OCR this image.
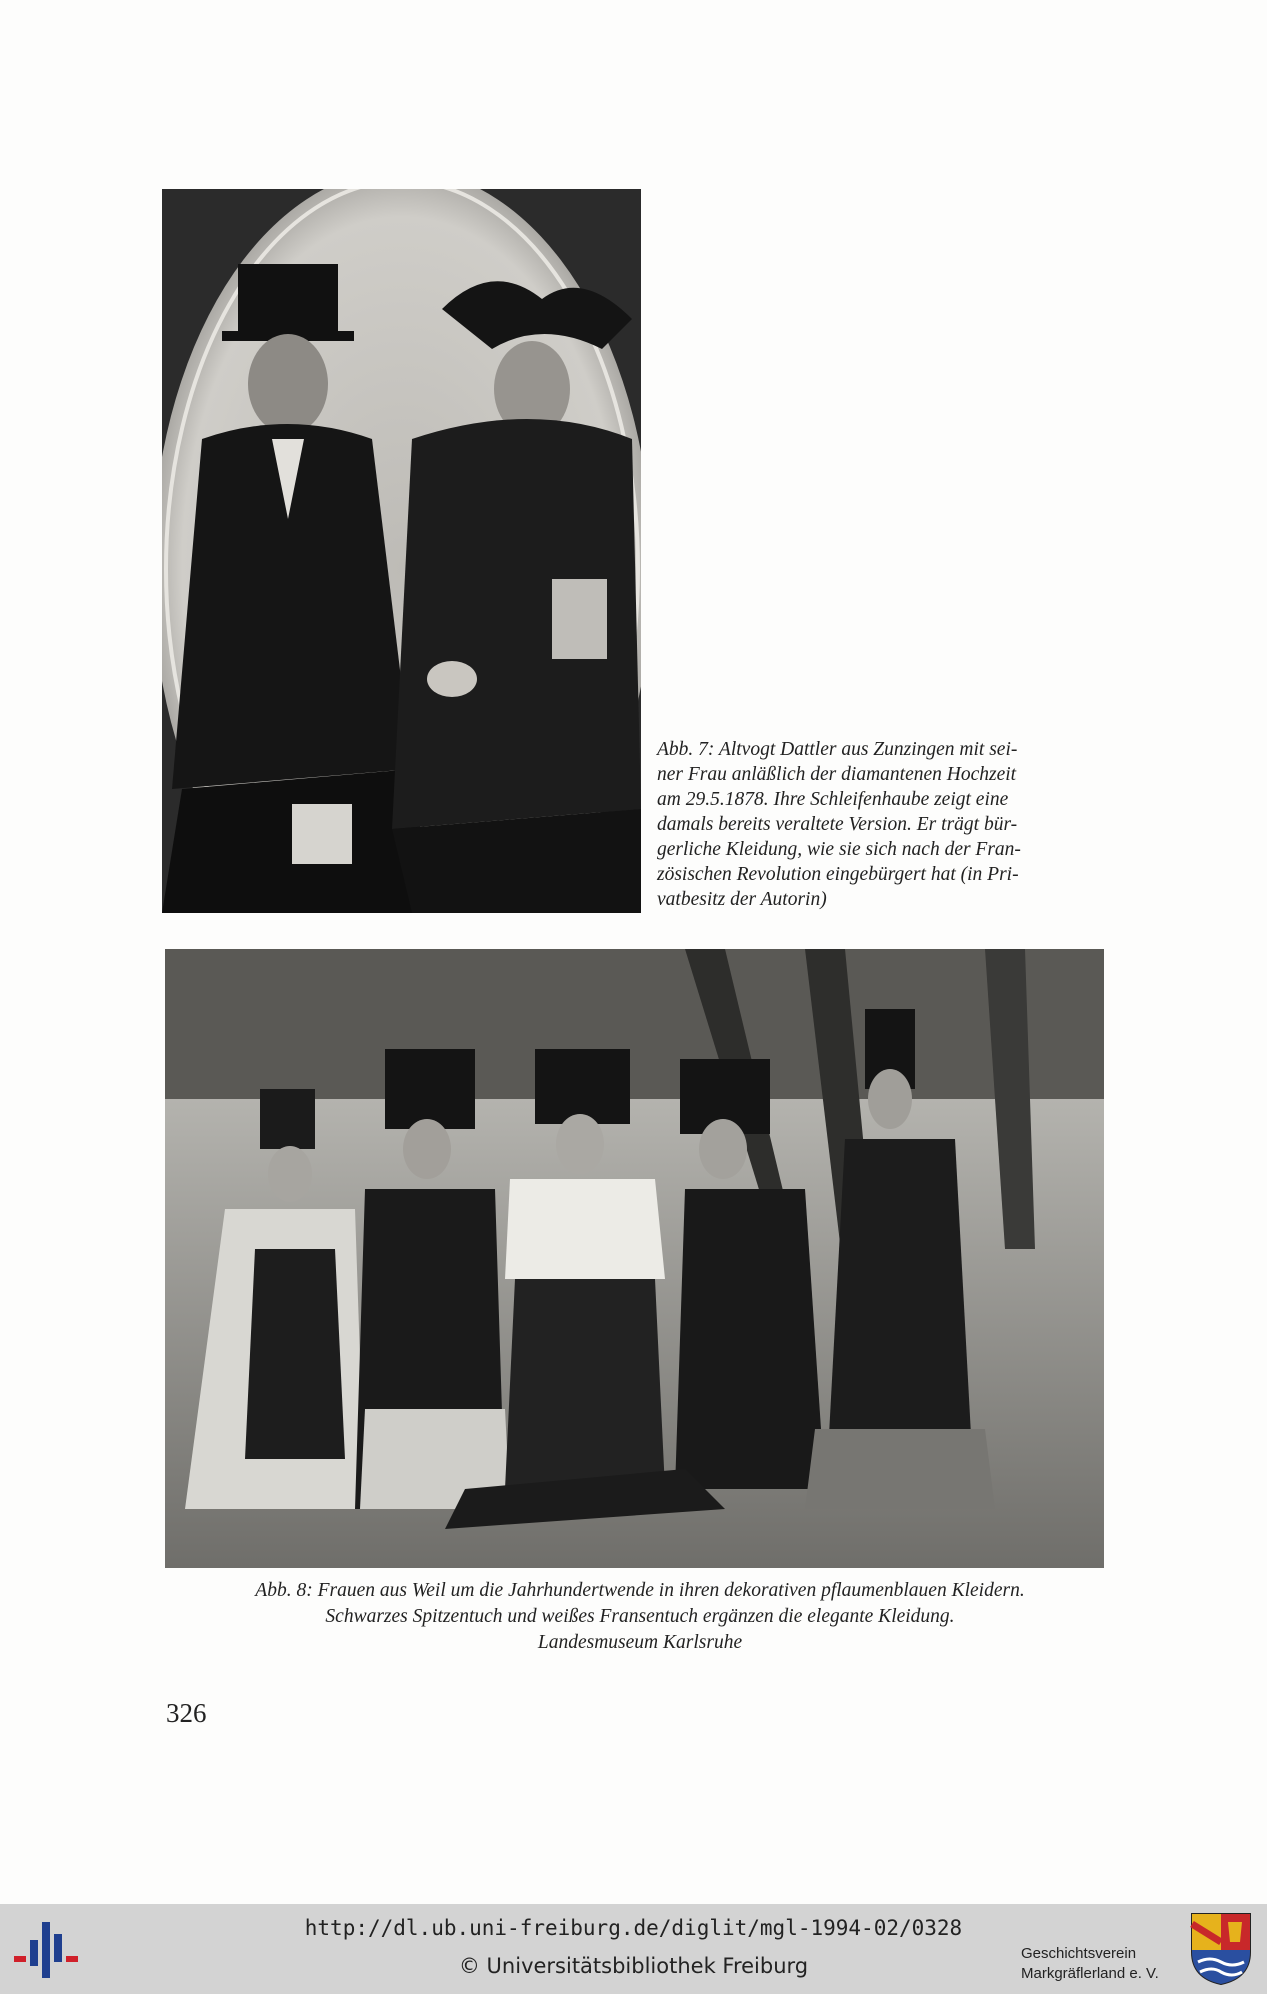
Abb. 7: Altvogt Dattler aus Zunzingen mit sei-
ner Frau anläßlich der diamantenen Hochzeit
am 29.5.1878. Ihre Schleifenhaube zeigt eine
damals bereits veraltete Version. Er trägt bür-
gerliche Kleidung, wie sie sich nach der Fran-
zösischen Revolution eingebürgert hat (in Pri-
vatbesitz der Autorin)
Abb. 8: Frauen aus Weil um die Jahrhundertwende in ihren dekorativen pflaumenblauen Kleidern.
Schwarzes Spitzentuch und weißes Fransentuch ergänzen die elegante Kleidung.
Landesmuseum Karlsruhe
326
http://dl.ub.uni-freiburg.de/diglit/mgl-1994-02/0328
© Universitätsbibliothek Freiburg
Geschichtsverein
Markgräflerland e. V.
